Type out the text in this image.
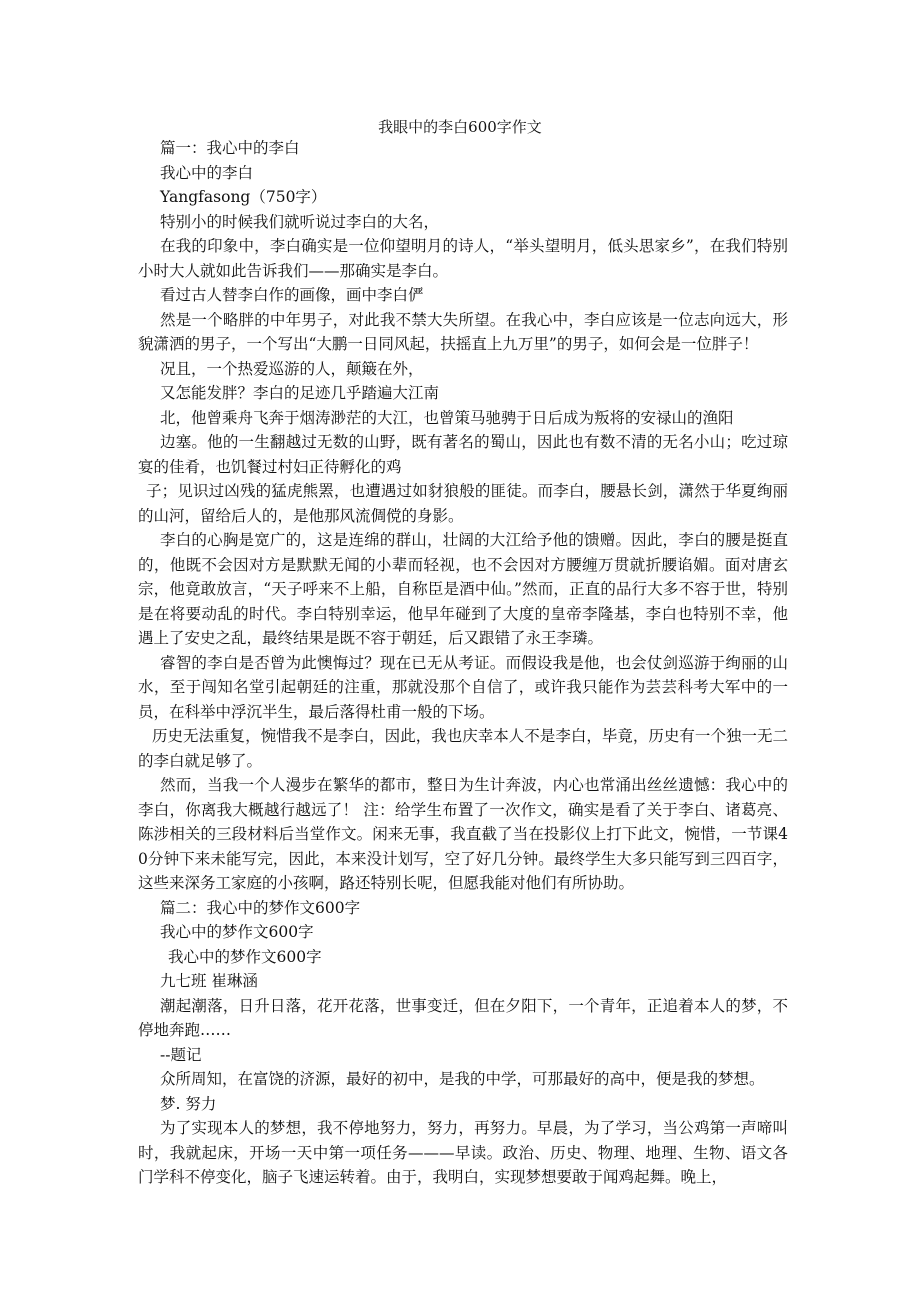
我眼中的李白600字作文

篇一：我心中的李白

我心中的李白

Yangfasong（750字）

特别小的时候我们就听说过李白的大名，

在我的印象中，李白确实是一位仰望明月的诗人，“举头望明月，低头思家乡”，在我们特别小时大人就如此告诉我们——那确实是李白。

看过古人替李白作的画像，画中李白俨

然是一个略胖的中年男子，对此我不禁大失所望。在我心中，李白应该是一位志向远大，形貌潇洒的男子，一个写出“大鹏一日同风起，扶摇直上九万里”的男子，如何会是一位胖子！

况且，一个热爱巡游的人，颠簸在外，

又怎能发胖？李白的足迹几乎踏遍大江南

北，他曾乘舟飞奔于烟涛渺茫的大江，也曾策马驰骋于日后成为叛将的安禄山的渔阳

边塞。他的一生翻越过无数的山野，既有著名的蜀山，因此也有数不清的无名小山；吃过琼宴的佳肴，也饥餐过村妇正待孵化的鸡

子；见识过凶残的猛虎熊罴，也遭遇过如豺狼般的匪徒。而李白，腰悬长剑，潇然于华夏绚丽的山河，留给后人的，是他那风流倜傥的身影。

李白的心胸是宽广的，这是连绵的群山，壮阔的大江给予他的馈赠。因此，李白的腰是挺直的，他既不会因对方是默默无闻的小辈而轻视，也不会因对方腰缠万贯就折腰谄媚。面对唐玄宗，他竟敢放言，“天子呼来不上船，自称臣是酒中仙。”然而，正直的品行大多不容于世，特别是在将要动乱的时代。李白特别幸运，他早年碰到了大度的皇帝李隆基，李白也特别不幸，他遇上了安史之乱，最终结果是既不容于朝廷，后又跟错了永王李璘。

睿智的李白是否曾为此懊悔过？现在已无从考证。而假设我是他，也会仗剑巡游于绚丽的山水，至于闯知名堂引起朝廷的注重，那就没那个自信了，或许我只能作为芸芸科考大军中的一员，在科举中浮沉半生，最后落得杜甫一般的下场。

历史无法重复，惋惜我不是李白，因此，我也庆幸本人不是李白，毕竟，历史有一个独一无二的李白就足够了。

然而，当我一个人漫步在繁华的都市，整日为生计奔波，内心也常涌出丝丝遗憾：我心中的李白，你离我大概越行越远了！ 注：给学生布置了一次作文，确实是看了关于李白、诸葛亮、陈涉相关的三段材料后当堂作文。闲来无事，我直截了当在投影仪上打下此文，惋惜，一节课40分钟下来未能写完，因此，本来没计划写，空了好几分钟。最终学生大多只能写到三四百字，这些来深务工家庭的小孩啊，路还特别长呢，但愿我能对他们有所协助。

篇二：我心中的梦作文600字

我心中的梦作文600字

我心中的梦作文600字

九七班 崔琳涵

潮起潮落，日升日落，花开花落，世事变迁，但在夕阳下，一个青年，正追着本人的梦，不停地奔跑……

--题记

众所周知，在富饶的济源，最好的初中，是我的中学，可那最好的高中，便是我的梦想。

梦. 努力

为了实现本人的梦想，我不停地努力，努力，再努力。早晨，为了学习，当公鸡第一声啼叫时，我就起床，开场一天中第一项任务———早读。政治、历史、物理、地理、生物、语文各门学科不停变化，脑子飞速运转着。由于，我明白，实现梦想要敢于闻鸡起舞。晚上，
